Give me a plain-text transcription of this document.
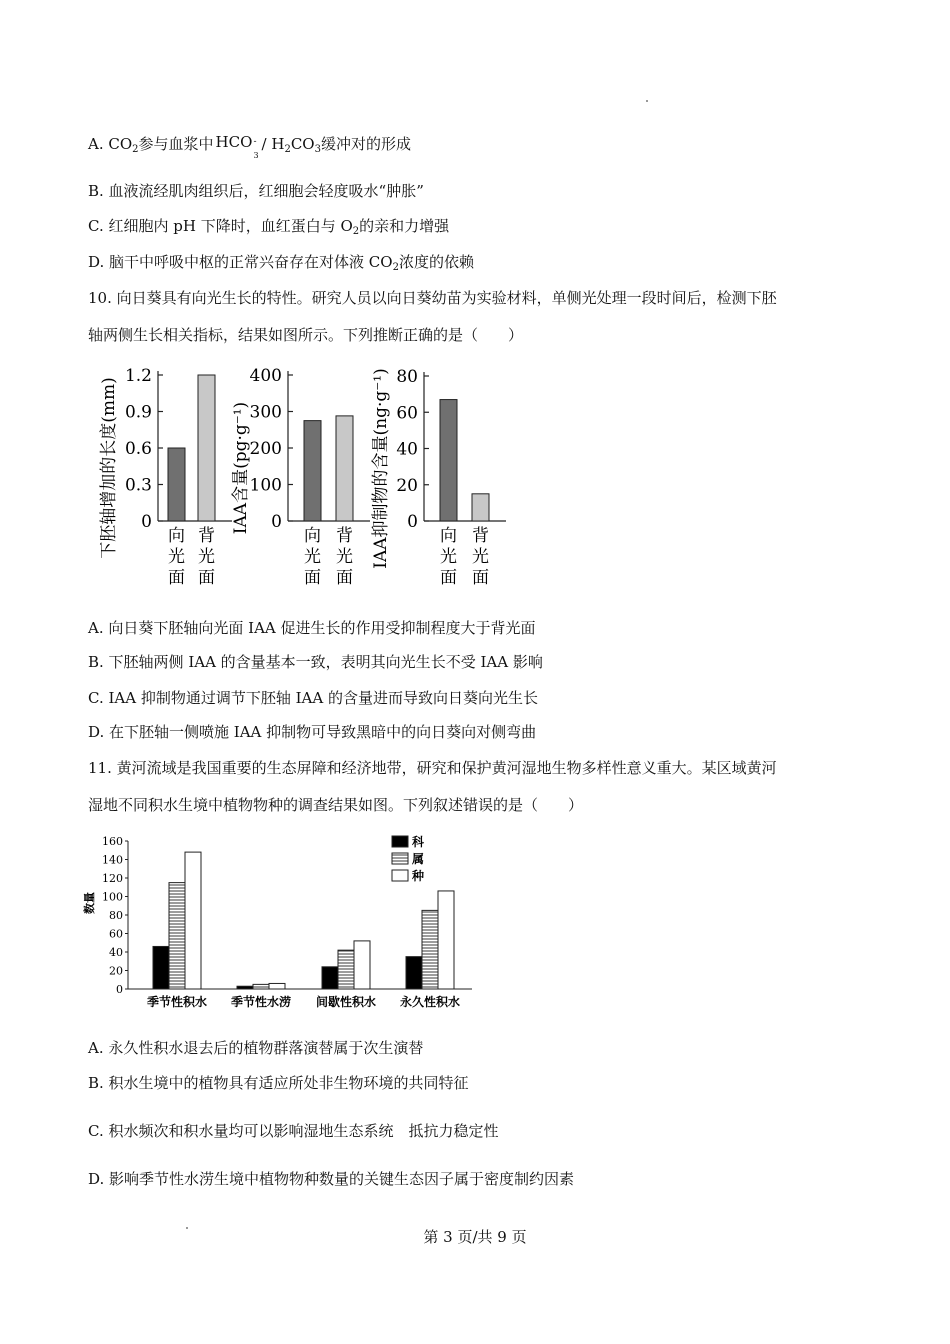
A. $CO_2$参与血浆中 HCO -
3
/ $H_2CO_3$缓冲对的形成
B. 血液流经肌肉组织后，红细胞会轻度吸水“肿胀”
C. 红细胞内 pH 下降时，血红蛋白与 $O_2$的亲和力增强
D. 脑干中呼吸中枢的正常兴奋存在对体液 $CO_2$浓度的依赖
10. 向日葵具有向光生长的特性。研究人员以向日葵幼苗为实验材料，单侧光处理一段时间后，检测下胚
轴两侧生长相关指标，结果如图所示。下列推断正确的是（　　）
0
0.3
0.6
0.9
1.2
向
光
面
背
光
面
下胚轴增加的长度(mm)	0
100
200
300
400
向
光
面
背
光
面
IAA含量(pg·g⁻¹)	0
20
40
60
80
向
光
面
背
光
面
IAA抑制物的含量(ng·g⁻¹)
A. 向日葵下胚轴向光面 IAA 促进生长的作用受抑制程度大于背光面
B. 下胚轴两侧 IAA 的含量基本一致，表明其向光生长不受 IAA 影响
C. IAA 抑制物通过调节下胚轴 IAA 的含量进而导致向日葵向光生长
D. 在下胚轴一侧喷施 IAA 抑制物可导致黑暗中的向日葵向对侧弯曲
11. 黄河流域是我国重要的生态屏障和经济地带，研究和保护黄河湿地生物多样性意义重大。某区域黄河
湿地不同积水生境中植物物种的调查结果如图。下列叙述错误的是（　　）
0
20
40
60
80
100
120
140
160
数量
季节性积水 季节性水涝 间歇性积水 永久性积水
科
属
种
A. 永久性积水退去后的植物群落演替属于次生演替
B. 积水生境中的植物具有适应所处非生物环境的共同特征
C. 积水频次和积水量均可以影响湿地生态系统　抵抗力稳定性
D. 影响季节性水涝生境中植物物种数量的关键生态因子属于密度制约因素
第 3 页/共 9 页
